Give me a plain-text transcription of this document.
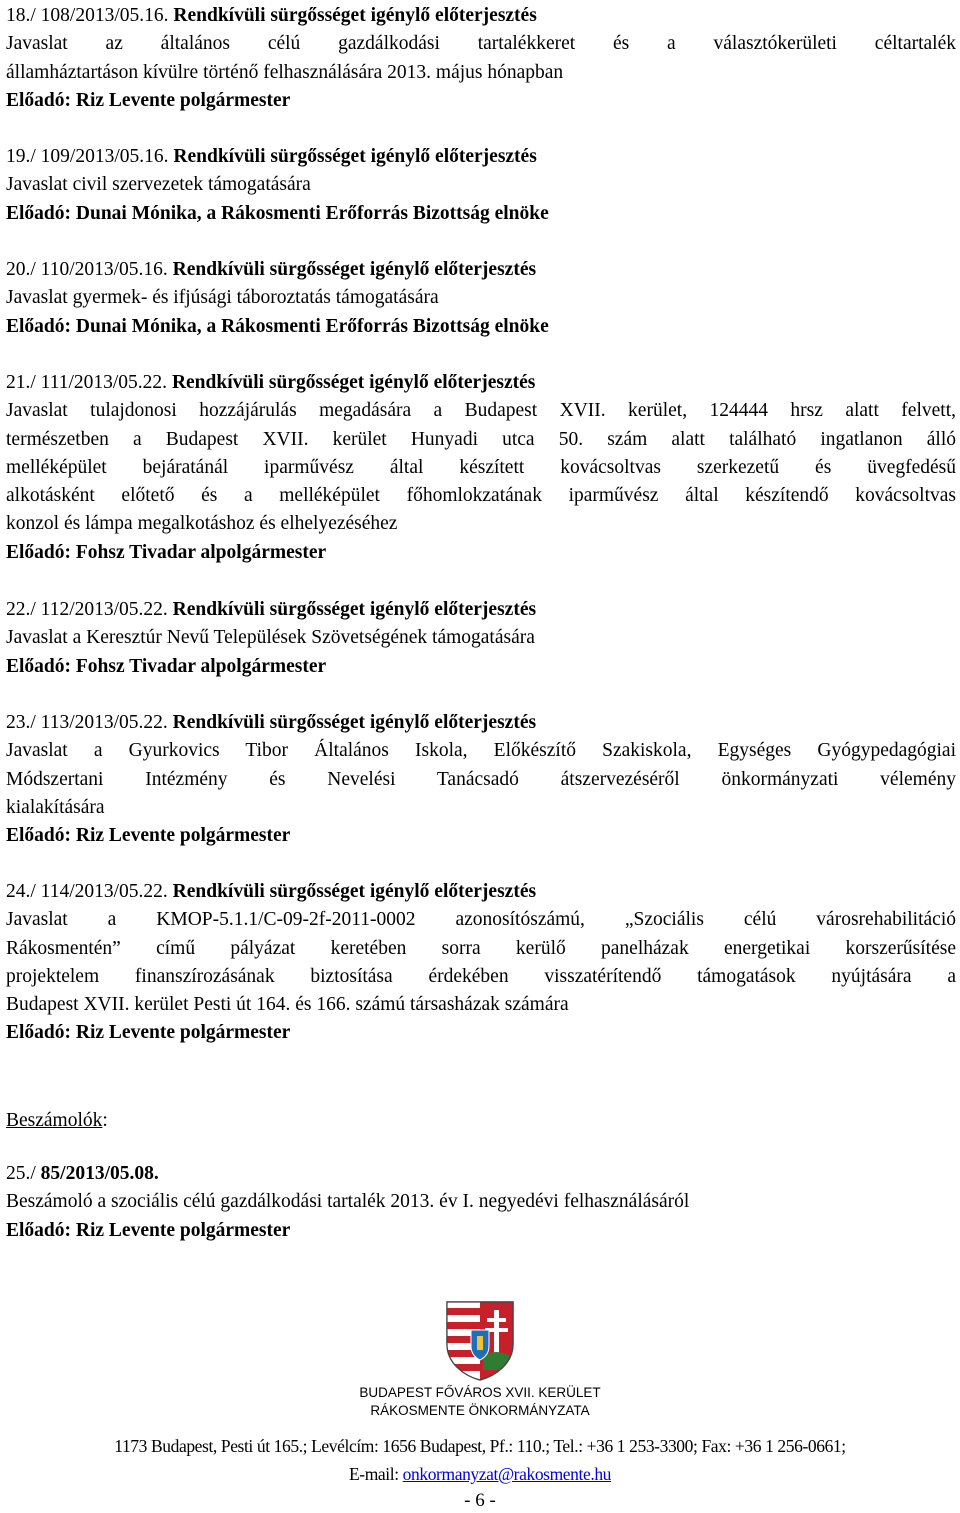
18./ 108/2013/05.16. Rendkívüli sürgősséget igénylő előterjesztés
Javaslat az általános célú gazdálkodási tartalékkeret és a választókerületi céltartalék
államháztartáson kívülre történő felhasználására 2013. május hónapban
Előadó: Riz Levente polgármester
19./ 109/2013/05.16. Rendkívüli sürgősséget igénylő előterjesztés
Javaslat civil szervezetek támogatására
Előadó: Dunai Mónika, a Rákosmenti Erőforrás Bizottság elnöke
20./ 110/2013/05.16. Rendkívüli sürgősséget igénylő előterjesztés
Javaslat gyermek- és ifjúsági táboroztatás támogatására
Előadó: Dunai Mónika, a Rákosmenti Erőforrás Bizottság elnöke
21./ 111/2013/05.22. Rendkívüli sürgősséget igénylő előterjesztés
Javaslat tulajdonosi hozzájárulás megadására a Budapest XVII. kerület, 124444 hrsz alatt felvett,
természetben a Budapest XVII. kerület Hunyadi utca 50. szám alatt található ingatlanon álló
melléképület bejáratánál iparművész által készített kovácsoltvas szerkezetű és üvegfedésű
alkotásként előtető és a melléképület főhomlokzatának iparművész által készítendő kovácsoltvas
konzol és lámpa megalkotáshoz és elhelyezéséhez
Előadó: Fohsz Tivadar alpolgármester
22./ 112/2013/05.22. Rendkívüli sürgősséget igénylő előterjesztés
Javaslat a Keresztúr Nevű Települések Szövetségének támogatására
Előadó: Fohsz Tivadar alpolgármester
23./ 113/2013/05.22. Rendkívüli sürgősséget igénylő előterjesztés
Javaslat a Gyurkovics Tibor Általános Iskola, Előkészítő Szakiskola, Egységes Gyógypedagógiai
Módszertani Intézmény és Nevelési Tanácsadó átszervezéséről önkormányzati vélemény
kialakítására
Előadó: Riz Levente polgármester
24./ 114/2013/05.22. Rendkívüli sürgősséget igénylő előterjesztés
Javaslat a KMOP-5.1.1/C-09-2f-2011-0002 azonosítószámú, „Szociális célú városrehabilitáció
Rákosmentén” című pályázat keretében sorra kerülő panelházak energetikai korszerűsítése
projektelem finanszírozásának biztosítása érdekében visszatérítendő támogatások nyújtására a
Budapest XVII. kerület Pesti út 164. és 166. számú társasházak számára
Előadó: Riz Levente polgármester
Beszámolók:
25./ 85/2013/05.08.
Beszámoló a szociális célú gazdálkodási tartalék 2013. év I. negyedévi felhasználásáról
Előadó: Riz Levente polgármester
BUDAPEST FŐVÁROS XVII. KERÜLET
RÁKOSMENTE ÖNKORMÁNYZATA
1173 Budapest, Pesti út 165.; Levélcím: 1656 Budapest, Pf.: 110.; Tel.: +36 1 253-3300; Fax: +36 1 256-0661;
E-mail: onkormanyzat@rakosmente.hu
- 6 -
